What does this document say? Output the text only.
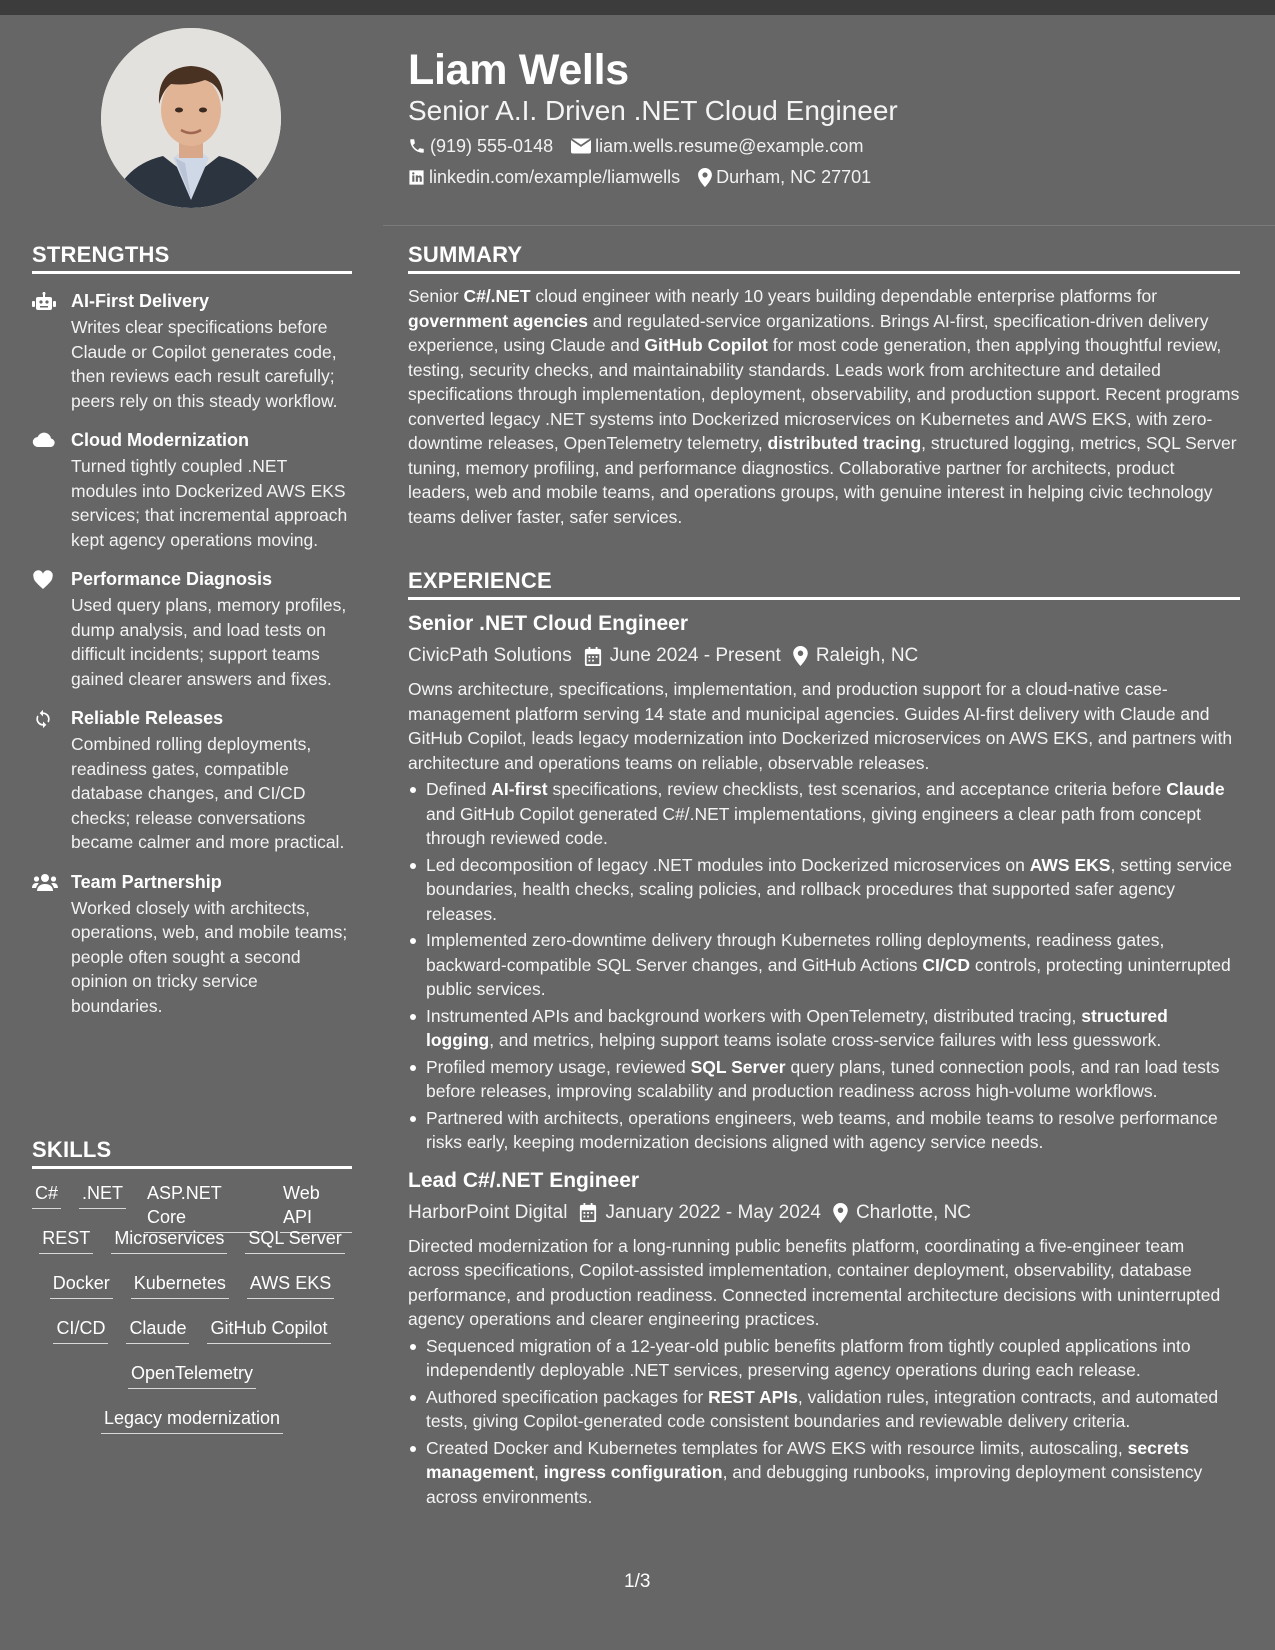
Liam Wells
Senior A.I. Driven .NET Cloud Engineer
(919) 555-0148 liam.wells.resume@example.com
linkedin.com/example/liamwells Durham, NC 27701
STRENGTHS
AI-First Delivery

Writes clear specifications before Claude or Copilot generates code, then reviews each result carefully; peers rely on this steady workflow.

Cloud Modernization

Turned tightly coupled .NET modules into Dockerized AWS EKS services; that incremental approach kept agency operations moving.

Performance Diagnosis

Used query plans, memory profiles, dump analysis, and load tests on difficult incidents; support teams gained clearer answers and fixes.

Reliable Releases

Combined rolling deployments, readiness gates, compatible database changes, and CI/CD checks; release conversations became calmer and more practical.

Team Partnership

Worked closely with architects, operations, web, and mobile teams; people often sought a second opinion on tricky service boundaries.

SKILLS
C# .NET ASP.NET Core
Web API
REST Microservices SQL Server
Docker Kubernetes AWS EKS
CI/CD Claude GitHub Copilot
OpenTelemetry
Legacy modernization
SUMMARY

Senior C#/.NET cloud engineer with nearly 10 years building dependable enterprise platforms for government agencies and regulated-service organizations. Brings AI-first, specification-driven delivery experience, using Claude and GitHub Copilot for most code generation, then applying thoughtful review, testing, security checks, and maintainability standards. Leads work from architecture and detailed specifications through implementation, deployment, observability, and production support. Recent programs converted legacy .NET systems into Dockerized microservices on Kubernetes and AWS EKS, with zero-downtime releases, OpenTelemetry telemetry, distributed tracing, structured logging, metrics, SQL Server tuning, memory profiling, and performance diagnostics. Collaborative partner for architects, product leaders, web and mobile teams, and operations groups, with genuine interest in helping civic technology teams deliver faster, safer services.

EXPERIENCE
Senior .NET Cloud Engineer
CivicPath Solutions June 2024 - Present Raleigh, NC
Owns architecture, specifications, implementation, and production support for a cloud-native case-management platform serving 14 state and municipal agencies. Guides AI-first delivery with Claude and GitHub Copilot, leads legacy modernization into Dockerized microservices on AWS EKS, and partners with architecture and operations teams on reliable, observable releases.
Defined AI-first specifications, review checklists, test scenarios, and acceptance criteria before Claude and GitHub Copilot generated C#/.NET implementations, giving engineers a clear path from concept through reviewed code.
Led decomposition of legacy .NET modules into Dockerized microservices on AWS EKS, setting service boundaries, health checks, scaling policies, and rollback procedures that supported safer agency releases.
Implemented zero-downtime delivery through Kubernetes rolling deployments, readiness gates, backward-compatible SQL Server changes, and GitHub Actions CI/CD controls, protecting uninterrupted public services.
Instrumented APIs and background workers with OpenTelemetry, distributed tracing, structured logging, and metrics, helping support teams isolate cross-service failures with less guesswork.
Profiled memory usage, reviewed SQL Server query plans, tuned connection pools, and ran load tests before releases, improving scalability and production readiness across high-volume workflows.
Partnered with architects, operations engineers, web teams, and mobile teams to resolve performance risks early, keeping modernization decisions aligned with agency service needs.
Lead C#/.NET Engineer
HarborPoint Digital January 2022 - May 2024 Charlotte, NC
Directed modernization for a long-running public benefits platform, coordinating a five-engineer team across specifications, Copilot-assisted implementation, container deployment, observability, database performance, and production readiness. Connected incremental architecture decisions with uninterrupted agency operations and clearer engineering practices.
Sequenced migration of a 12-year-old public benefits platform from tightly coupled applications into independently deployable .NET services, preserving agency operations during each release.
Authored specification packages for REST APIs, validation rules, integration contracts, and automated tests, giving Copilot-generated code consistent boundaries and reviewable delivery criteria.
Created Docker and Kubernetes templates for AWS EKS with resource limits, autoscaling, secrets management, ingress configuration, and debugging runbooks, improving deployment consistency across environments.
1/3
